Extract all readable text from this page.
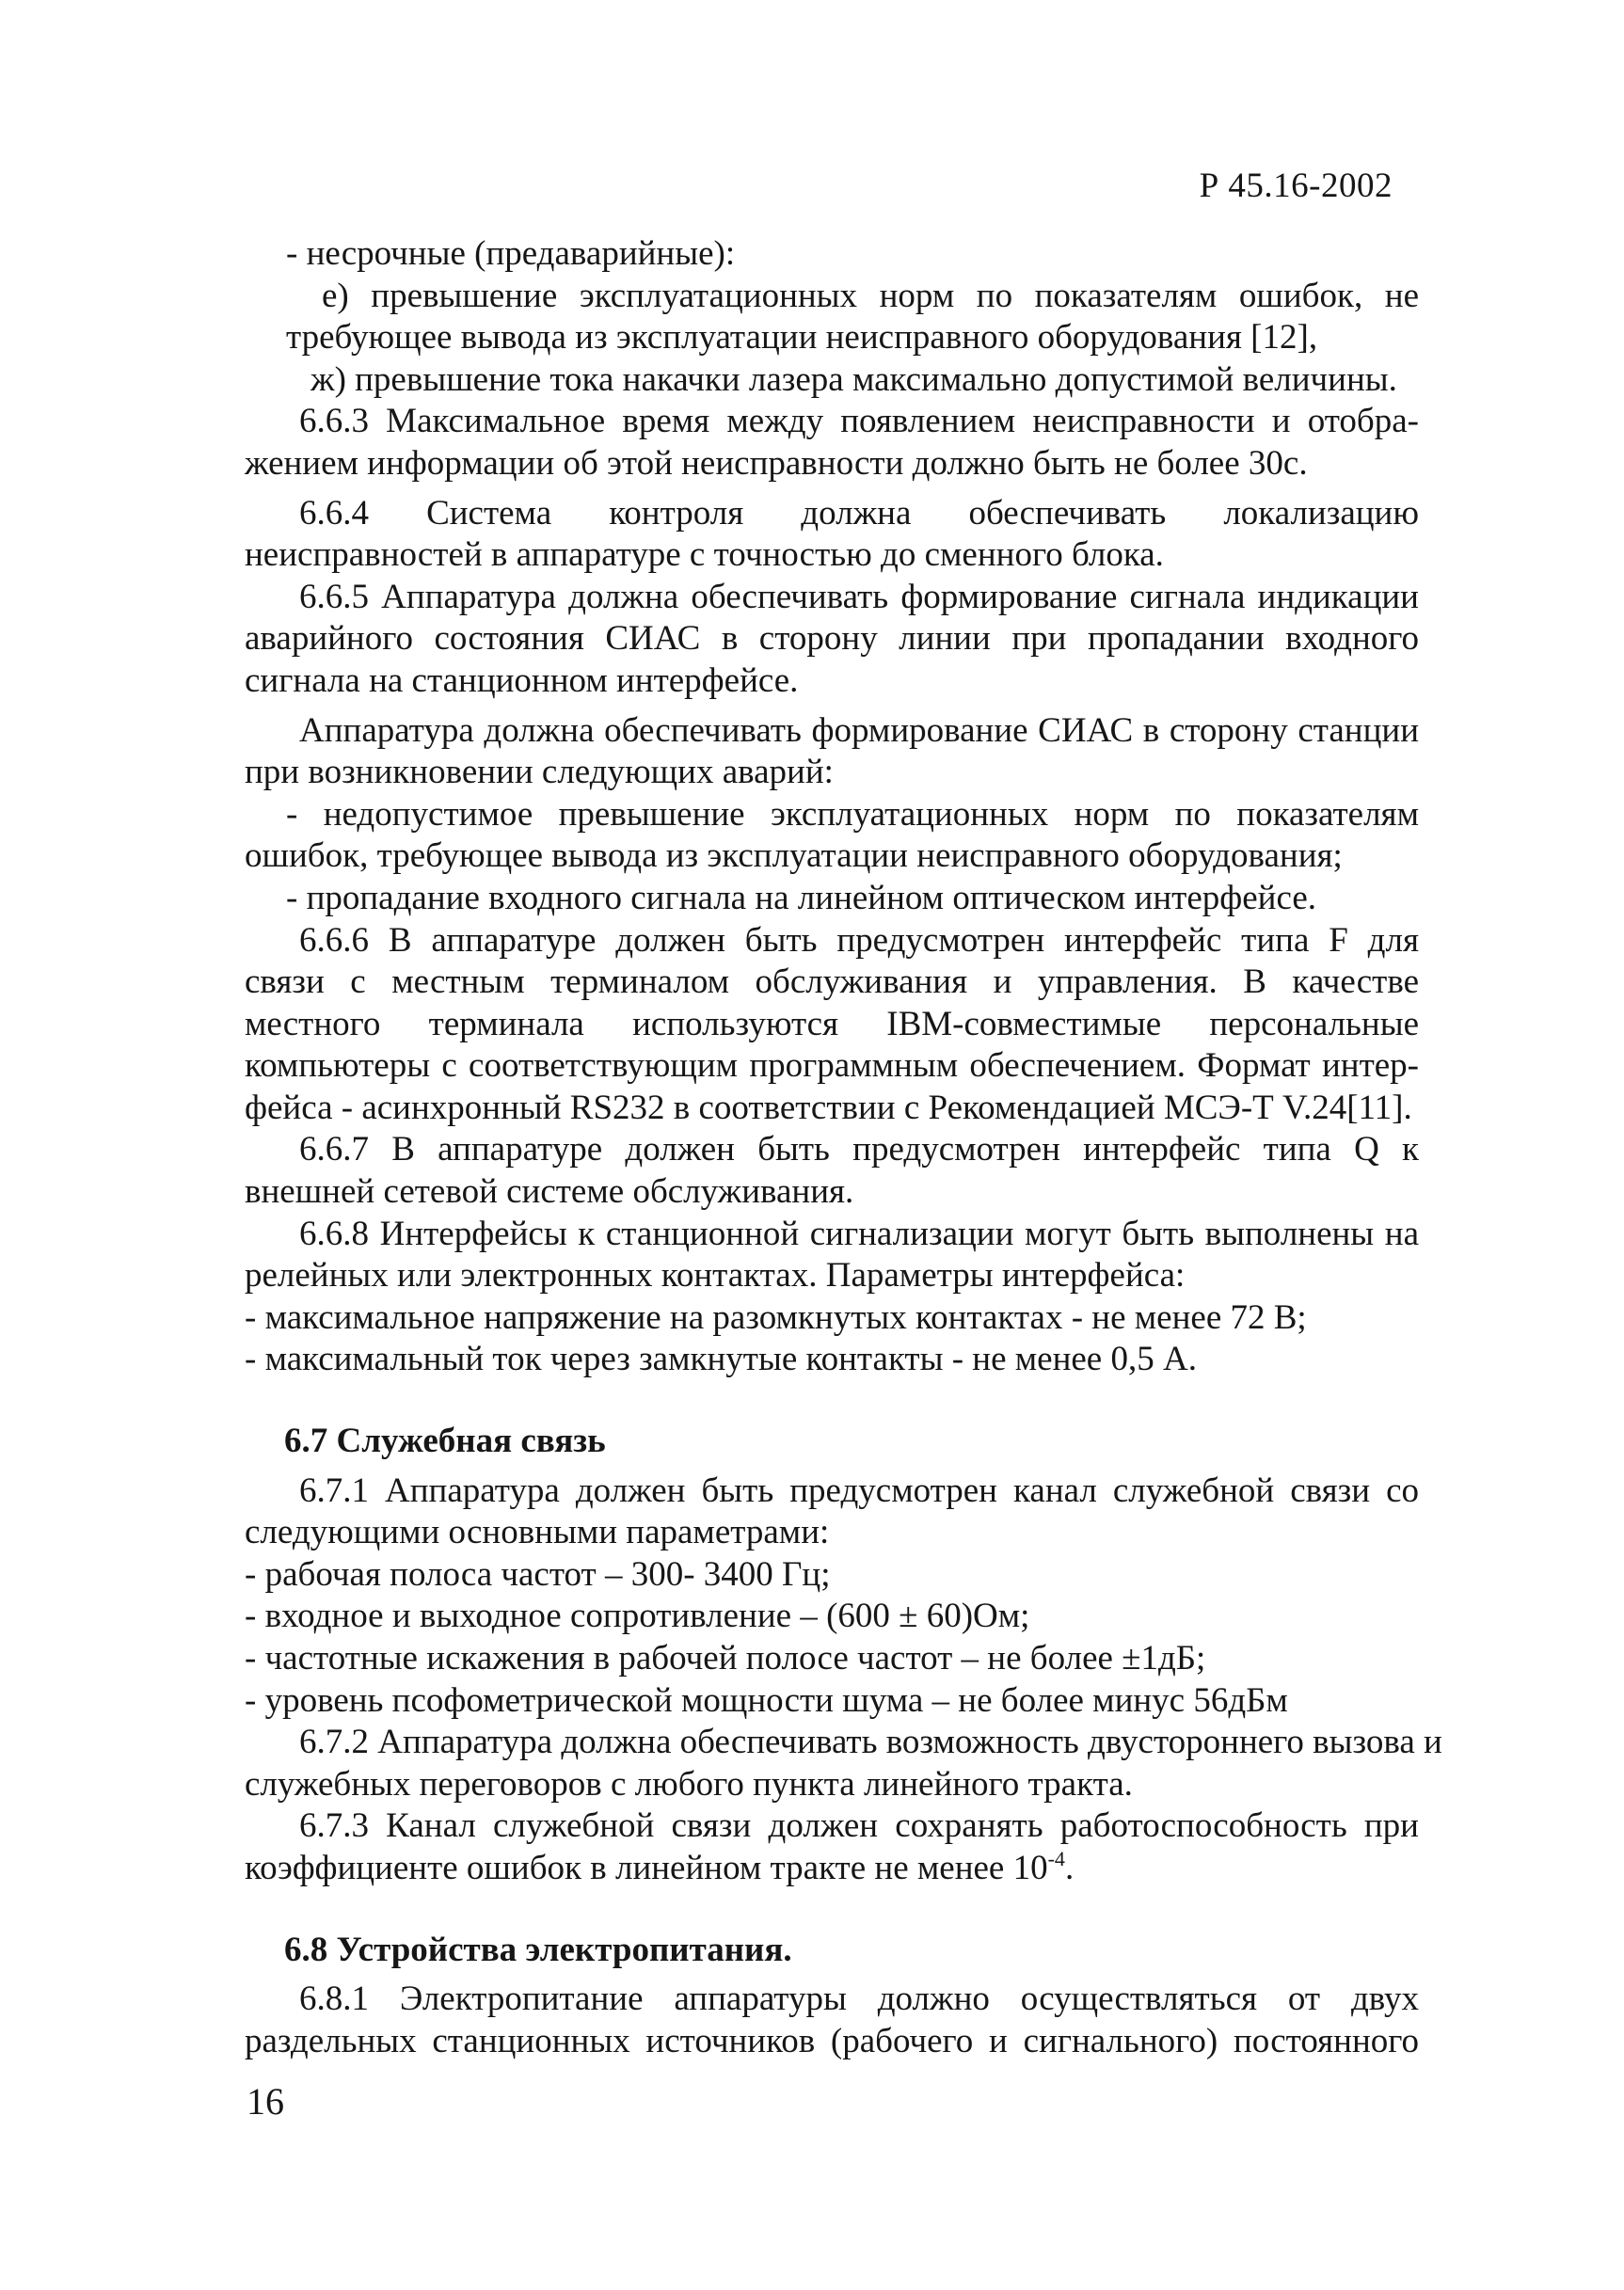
Р 45.16-2002
- несрочные (предаварийные):
е) превышение эксплуатационных норм по показателям ошибок, не
требующее вывода из эксплуатации неисправного оборудования [12],
ж) превышение тока накачки лазера максимально допустимой величины.
6.6.3 Максимальное время между появлением неисправности и отобра-
жением информации об этой неисправности должно быть не более 30с.
6.6.4 Система контроля должна обеспечивать локализацию
неисправностей в аппаратуре с точностью до сменного блока.
6.6.5 Аппаратура должна обеспечивать формирование сигнала индикации
аварийного состояния СИАС в сторону линии при пропадании входного
сигнала на станционном интерфейсе.
Аппаратура должна обеспечивать формирование СИАС в сторону станции
при возникновении следующих аварий:
- недопустимое превышение эксплуатационных норм по показателям
ошибок, требующее вывода из эксплуатации неисправного оборудования;
- пропадание входного сигнала на линейном оптическом интерфейсе.
6.6.6 В аппаратуре должен быть предусмотрен интерфейс типа F для
связи с местным терминалом обслуживания и управления. В качестве
местного терминала используются IBM-совместимые персональные
компьютеры с соответствующим программным обеспечением. Формат интер-
фейса - асинхронный RS232 в соответствии с Рекомендацией МСЭ-Т V.24[11].
6.6.7 В аппаратуре должен быть предусмотрен интерфейс типа Q к
внешней сетевой системе обслуживания.
6.6.8 Интерфейсы к станционной сигнализации могут быть выполнены на
релейных или электронных контактах. Параметры интерфейса:
- максимальное напряжение на разомкнутых контактах - не менее 72 В;
- максимальный ток через замкнутые контакты - не менее 0,5 А.
6.7 Служебная связь
6.7.1 Аппаратура должен быть предусмотрен канал служебной связи со
следующими основными параметрами:
- рабочая полоса частот – 300- 3400 Гц;
- входное и выходное сопротивление – (600 ± 60)Ом;
- частотные искажения в рабочей полосе частот – не более ±1дБ;
- уровень псофометрической мощности шума – не более минус 56дБм
6.7.2 Аппаратура должна обеспечивать возможность двустороннего вызова и
служебных переговоров с любого пункта линейного тракта.
6.7.3 Канал служебной связи должен сохранять работоспособность при
коэффициенте ошибок в линейном тракте не менее $10^{-4}$.
6.8 Устройства электропитания.
6.8.1 Электропитание аппаратуры должно осуществляться от двух
раздельных станционных источников (рабочего и сигнального) постоянного
16
